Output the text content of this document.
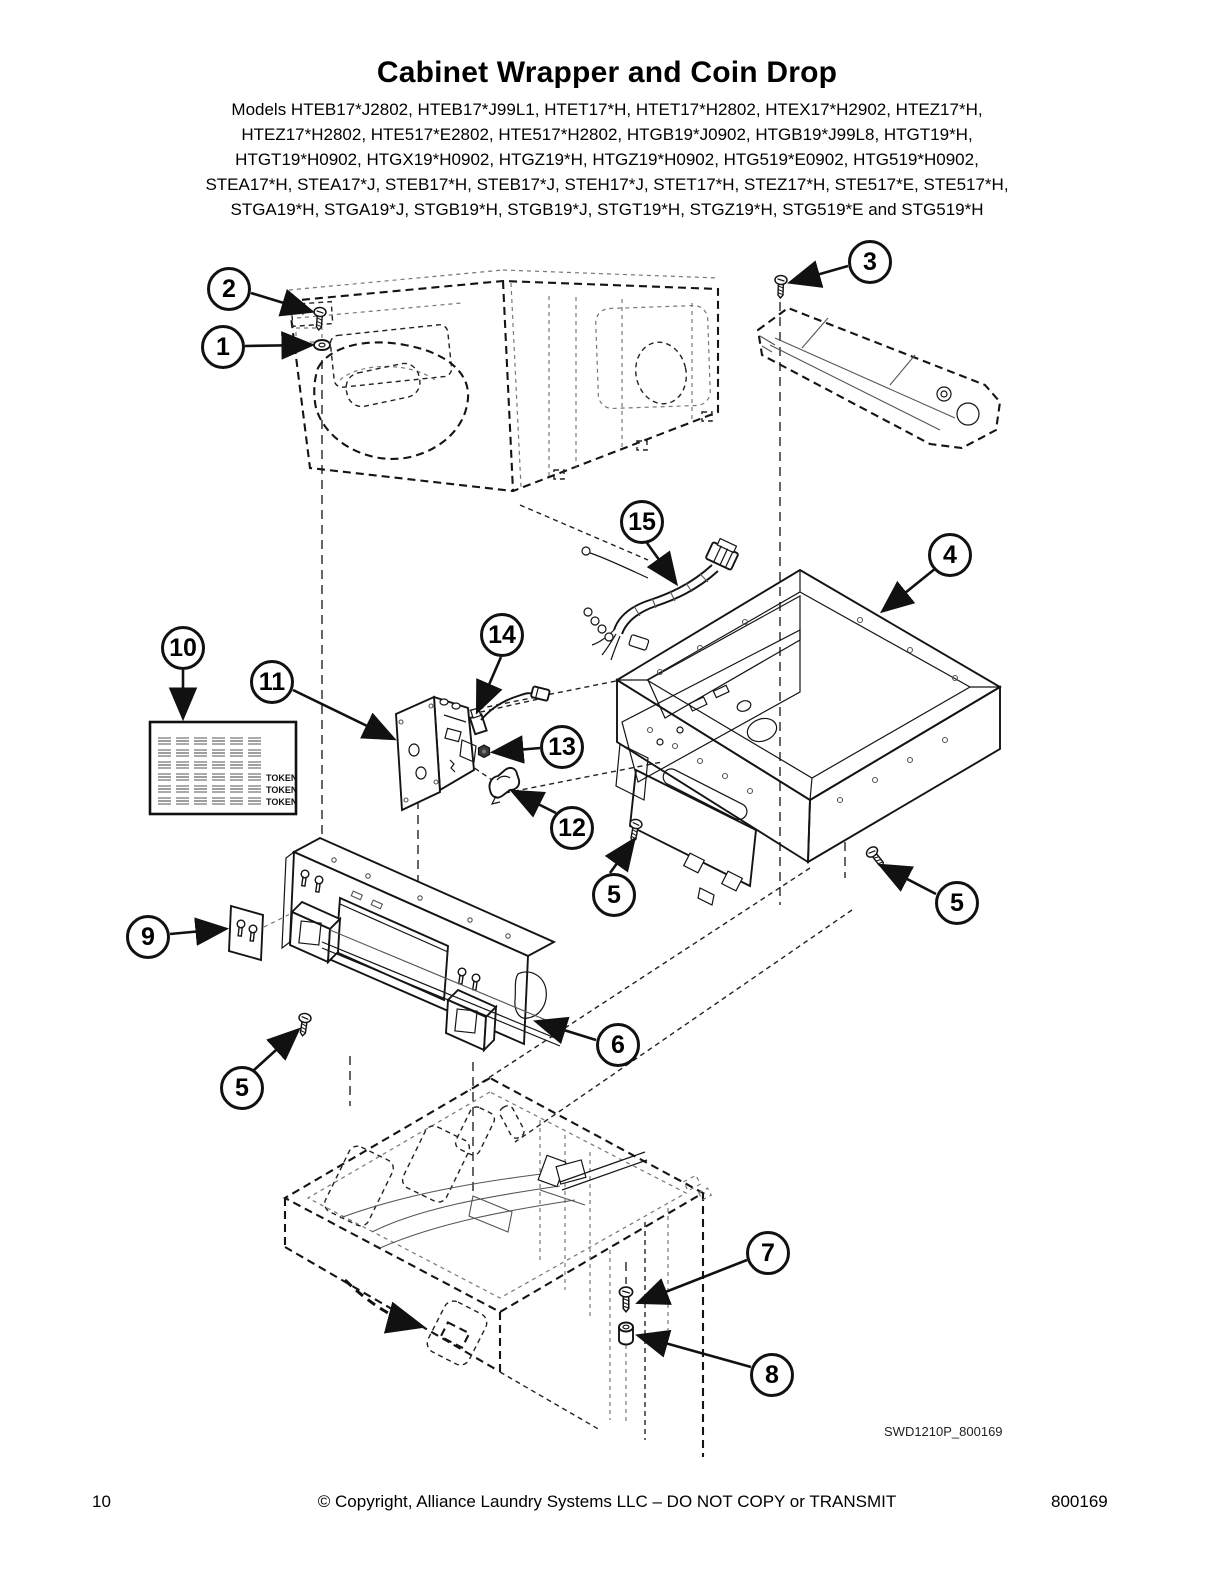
Cabinet Wrapper and Coin Drop
Models HTEB17*J2802, HTEB17*J99L1, HTET17*H, HTET17*H2802, HTEX17*H2902, HTEZ17*H,
HTEZ17*H2802, HTE517*E2802, HTE517*H2802, HTGB19*J0902, HTGB19*J99L8, HTGT19*H,
HTGT19*H0902, HTGX19*H0902, HTGZ19*H, HTGZ19*H0902, HTG519*E0902, HTG519*H0902,
STEA17*H, STEA17*J, STEB17*H, STEB17*J, STEH17*J, STET17*H, STEZ17*H, STE517*E, STE517*H,
STGA19*H, STGA19*J, STGB19*H, STGB19*J, STGT19*H, STGZ19*H, STG519*E and STG519*H
TOKEN
TOKEN
TOKEN
1
2
3
4
5	5
5
6
7
8
9
10
11
12
13
14
15
SWD1210P_800169
10	© Copyright, Alliance Laundry Systems LLC – DO NOT COPY or TRANSMIT	800169
